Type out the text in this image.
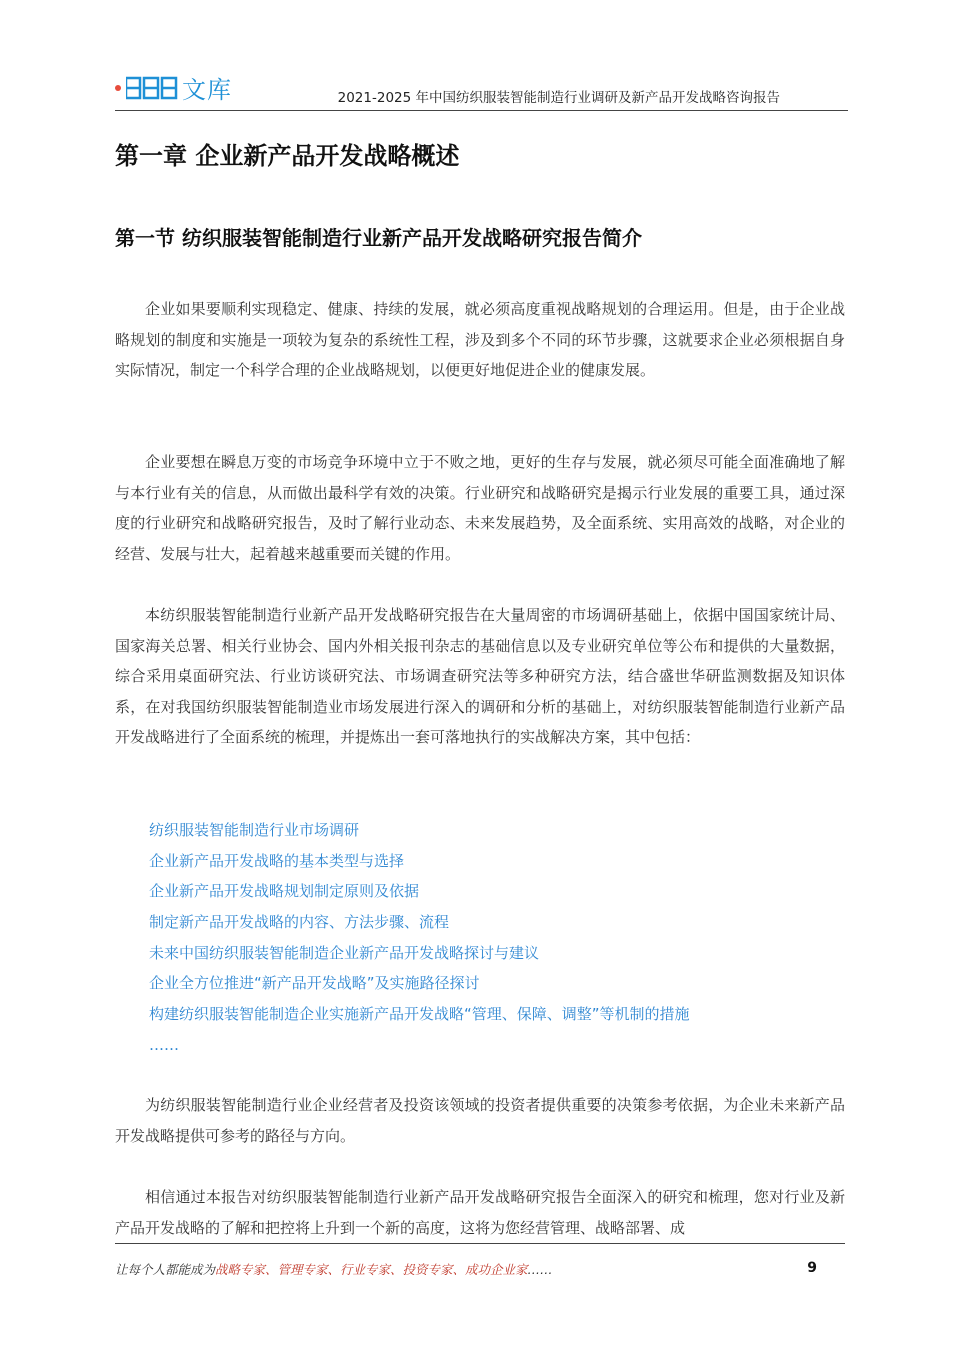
文库	2021-2025 年中国纺织服装智能制造行业调研及新产品开发战略咨询报告
第一章 企业新产品开发战略概述
第一节 纺织服装智能制造行业新产品开发战略研究报告简介

企业如果要顺利实现稳定、健康、持续的发展，就必须高度重视战略规划的合理运用。但是，由于企业战略规划的制度和实施是一项较为复杂的系统性工程，涉及到多个不同的环节步骤，这就要求企业必须根据自身实际情况，制定一个科学合理的企业战略规划，以便更好地促进企业的健康发展。

企业要想在瞬息万变的市场竞争环境中立于不败之地，更好的生存与发展，就必须尽可能全面准确地了解与本行业有关的信息，从而做出最科学有效的决策。行业研究和战略研究是揭示行业发展的重要工具，通过深度的行业研究和战略研究报告，及时了解行业动态、未来发展趋势，及全面系统、实用高效的战略，对企业的经营、发展与壮大，起着越来越重要而关键的作用。

本纺织服装智能制造行业新产品开发战略研究报告在大量周密的市场调研基础上，依据中国国家统计局、国家海关总署、相关行业协会、国内外相关报刊杂志的基础信息以及专业研究单位等公布和提供的大量数据，综合采用桌面研究法、行业访谈研究法、市场调查研究法等多种研究方法，结合盛世华研监测数据及知识体系，在对我国纺织服装智能制造业市场发展进行深入的调研和分析的基础上，对纺织服装智能制造行业新产品开发战略进行了全面系统的梳理，并提炼出一套可落地执行的实战解决方案，其中包括：

纺织服装智能制造行业市场调研
企业新产品开发战略的基本类型与选择
企业新产品开发战略规划制定原则及依据
制定新产品开发战略的内容、方法步骤、流程
未来中国纺织服装智能制造企业新产品开发战略探讨与建议
企业全方位推进“新产品开发战略”及实施路径探讨
构建纺织服装智能制造企业实施新产品开发战略“管理、保障、调整”等机制的措施
……

为纺织服装智能制造行业企业经营者及投资该领域的投资者提供重要的决策参考依据，为企业未来新产品开发战略提供可参考的路径与方向。

相信通过本报告对纺织服装智能制造行业新产品开发战略研究报告全面深入的研究和梳理，您对行业及新产品开发战略的了解和把控将上升到一个新的高度，这将为您经营管理、战略部署、成

让每个人都能成为战略专家、管理专家、行业专家、投资专家、成功企业家……	9
